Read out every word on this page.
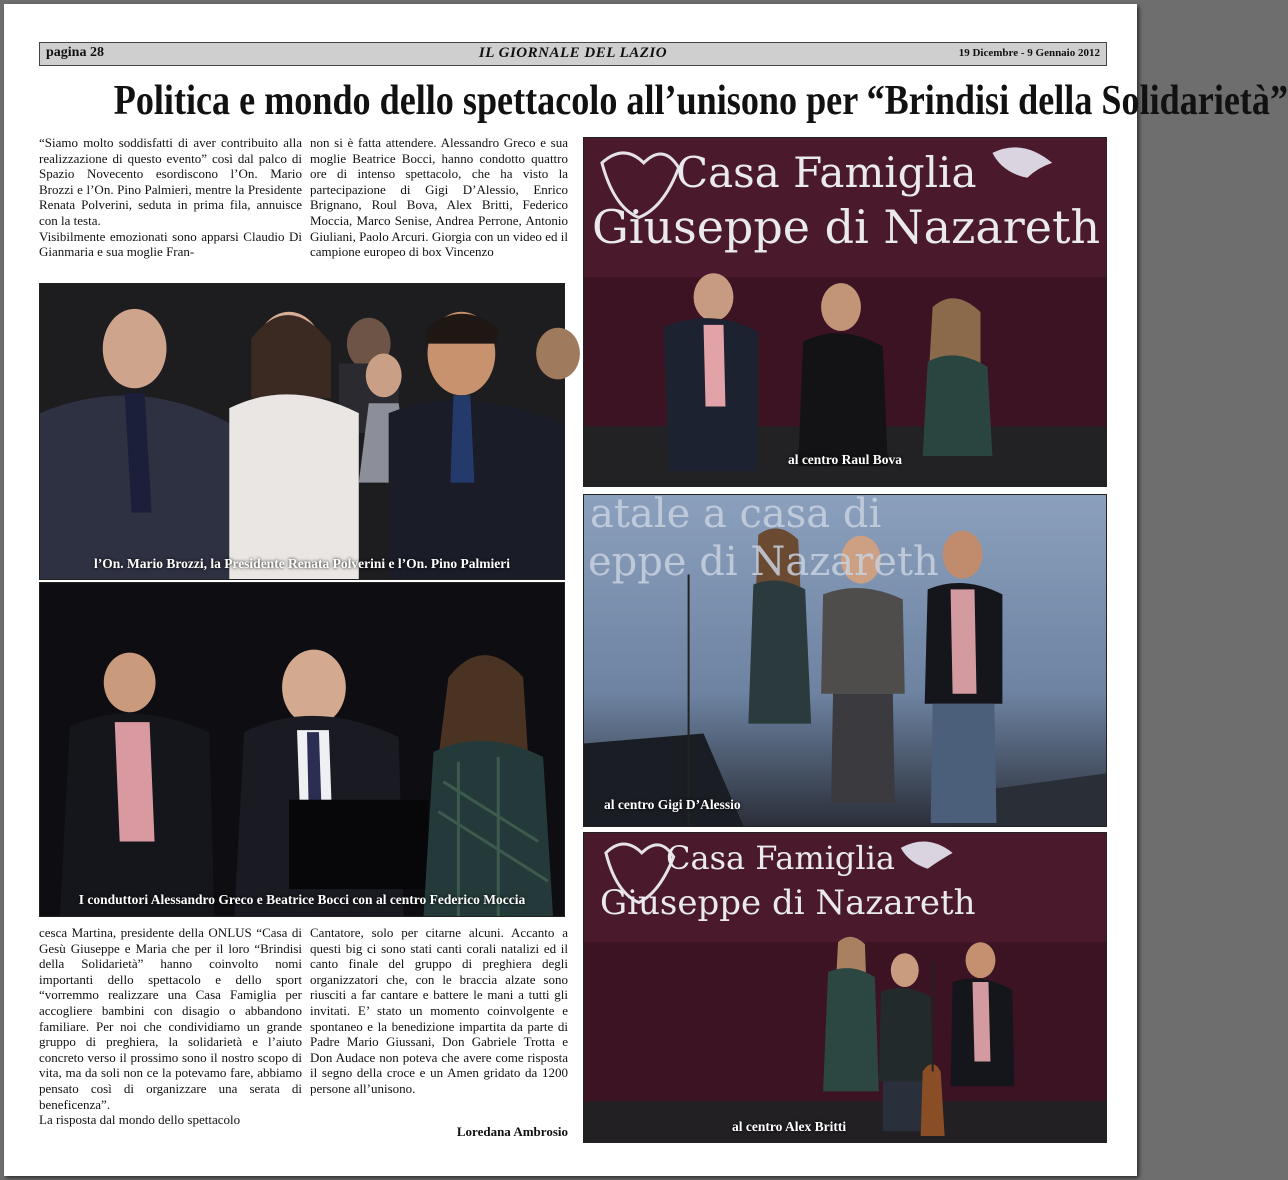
pagina 28	IL GIORNALE DEL LAZIO	19 Dicembre - 9 Gennaio 2012
Politica e mondo dello spettacolo all’unisono per “Brindisi della Solidarietà”

“Siamo molto soddisfatti di aver contribuito alla realizzazione di questo evento” così dal palco di Spazio Novecento esordiscono l’On. Mario Brozzi e l’On. Pino Palmieri, mentre la Presidente Renata Polverini, seduta in prima fila, annuisce con la testa.

Visibilmente emozionati sono apparsi Claudio Di Gianmaria e sua moglie Fran-

non si è fatta attendere. Alessandro Greco e sua moglie Beatrice Bocci, hanno condotto quattro ore di intenso spettacolo, che ha visto la partecipazione di Gigi D’Alessio, Enrico Brignano, Roul Bova, Alex Britti, Federico Moccia, Marco Senise, Andrea Perrone, Antonio Giuliani, Paolo Arcuri. Giorgia con un video ed il campione europeo di box Vincenzo

l’On. Mario Brozzi, la Presidente Renata Polverini e l’On. Pino Palmieri
I conduttori Alessandro Greco e Beatrice Bocci con al centro Federico Moccia
Casa Famiglia
Giuseppe di Nazareth
al centro Raul Bova
atale a casa di
eppe di Nazareth
al centro Gigi D’Alessio
Casa Famiglia
Giuseppe di Nazareth
al centro Alex Britti

cesca Martina, presidente della ONLUS “Casa di Gesù Giuseppe e Maria che per il loro “Brindisi della Solidarietà” hanno coinvolto nomi importanti dello spettacolo e dello sport “vorremmo realizzare una Casa Famiglia per accogliere bambini con disagio o abbandono familiare. Per noi che condividiamo un grande gruppo di preghiera, la solidarietà e l’aiuto concreto verso il prossimo sono il nostro scopo di vita, ma da soli non ce la potevamo fare, abbiamo pensato così di organizzare una serata di beneficenza”.

La risposta dal mondo dello spettacolo

Cantatore, solo per citarne alcuni. Accanto a questi big ci sono stati canti corali natalizi ed il canto finale del gruppo di preghiera degli organizzatori che, con le braccia alzate sono riusciti a far cantare e battere le mani a tutti gli invitati. E’ stato un momento coinvolgente e spontaneo e la benedizione impartita da parte di Padre Mario Giussani, Don Gabriele Trotta e Don Audace non poteva che avere come risposta il segno della croce e un Amen gridato da 1200 persone all’unisono.

Loredana Ambrosio
